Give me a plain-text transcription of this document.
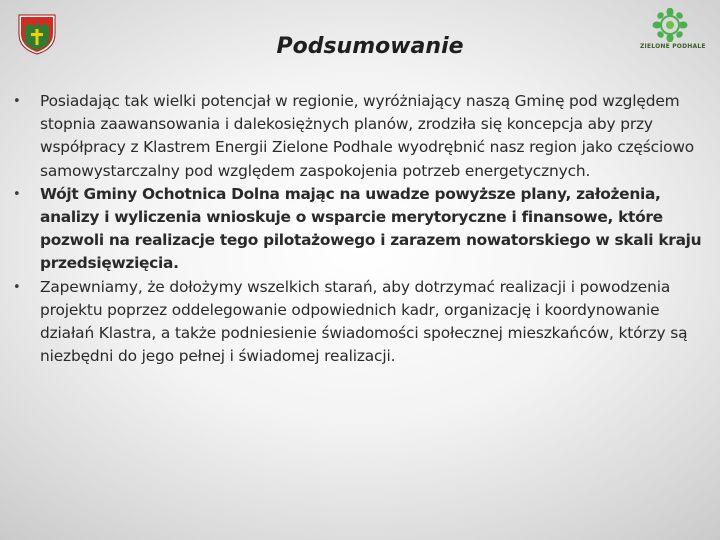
ZIELONE PODHALE
Podsumowanie
• Posiadając tak wielki potencjał w regionie, wyróżniający naszą Gminę pod względem stopnia zaawansowania i dalekosiężnych planów, zrodziła się koncepcja aby przy współpracy z Klastrem Energii Zielone Podhale wyodrębnić nasz region jako częściowo samowystarczalny pod względem zaspokojenia potrzeb energetycznych.
• Wójt Gminy Ochotnica Dolna mając na uwadze powyższe plany, założenia, analizy i wyliczenia wnioskuje o wsparcie merytoryczne i finansowe, które pozwoli na realizacje tego pilotażowego i zarazem nowatorskiego w skali kraju przedsięwzięcia.
• Zapewniamy, że dołożymy wszelkich starań, aby dotrzymać realizacji i powodzenia projektu poprzez oddelegowanie odpowiednich kadr, organizację i koordynowanie działań Klastra, a także podniesienie świadomości społecznej mieszkańców, którzy są niezbędni do jego pełnej i świadomej realizacji.
